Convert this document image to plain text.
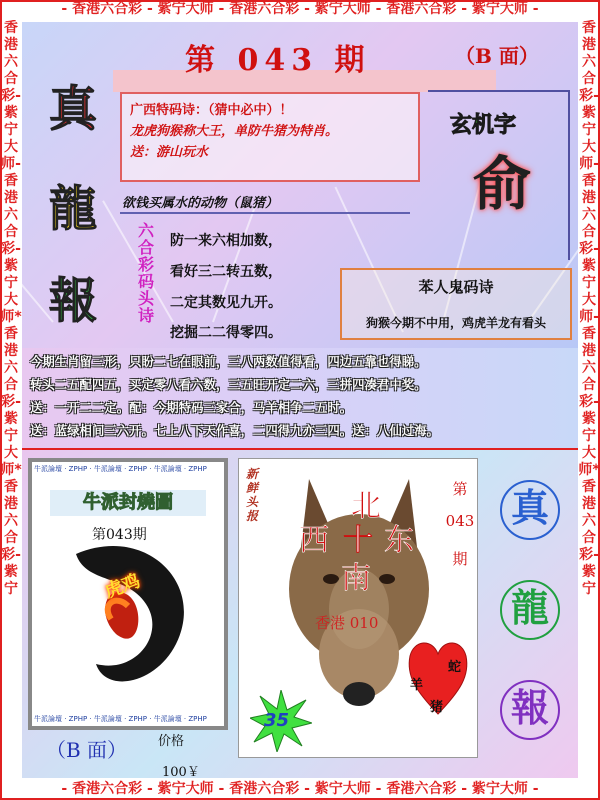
- 香港六合彩 - 紫宁大师 - 香港六合彩 - 紫宁大师 - 香港六合彩 - 紫宁大师 -
- 香港六合彩 - 紫宁大师 - 香港六合彩 - 紫宁大师 - 香港六合彩 - 紫宁大师 -
香港六合彩-紫宁大师-香港六合彩-紫宁大师*香港六合彩-紫宁大师*香港六合彩-紫宁
香港六合彩-紫宁大师-香港六合彩-紫宁大师-香港六合彩-紫宁大师*香港六合彩-紫宁
第 043 期	（B 面）
真
龍
報
广西特码诗：（猜中必中）！
龙虎狗猴称大王，单防牛猪为特肖。
送：游山玩水
玄机字
俞
欲钱买属水的动物（鼠猪）
六
合
彩
码
头
诗
防一来六相加数，
看好三二转五数，
二定其数见九开。
挖掘二二得零四。
苯人鬼码诗
狗猴今期不中用，鸡虎羊龙有看头
今期生肖留三形，只盼二七在眼前，三八两数值得看，四边五靠也得睇。
转头二五配四五，买定零八看六数，三五旺开定二六，三拼四凑君中奖。
送：一开二二定。配：今期特码三家合，马羊相争二五时。
送：蓝绿相间三六开。七上八下天作喜，二四得九亦三四。送：八仙过海。
牛派論壇 · ZPHP · 牛派論壇 · ZPHP · 牛派論壇 · ZPHP
牛派論壇 · ZPHP · 牛派論壇 · ZPHP · 牛派論壇 · ZPHP
牛派封燒圖
第043期
虎鸡
（B 面） 价格
100￥
新
鲜
头
报	北
西 十 东
南
香港 010
第
043
期
35
羊
蛇
猪
真
龍
報
